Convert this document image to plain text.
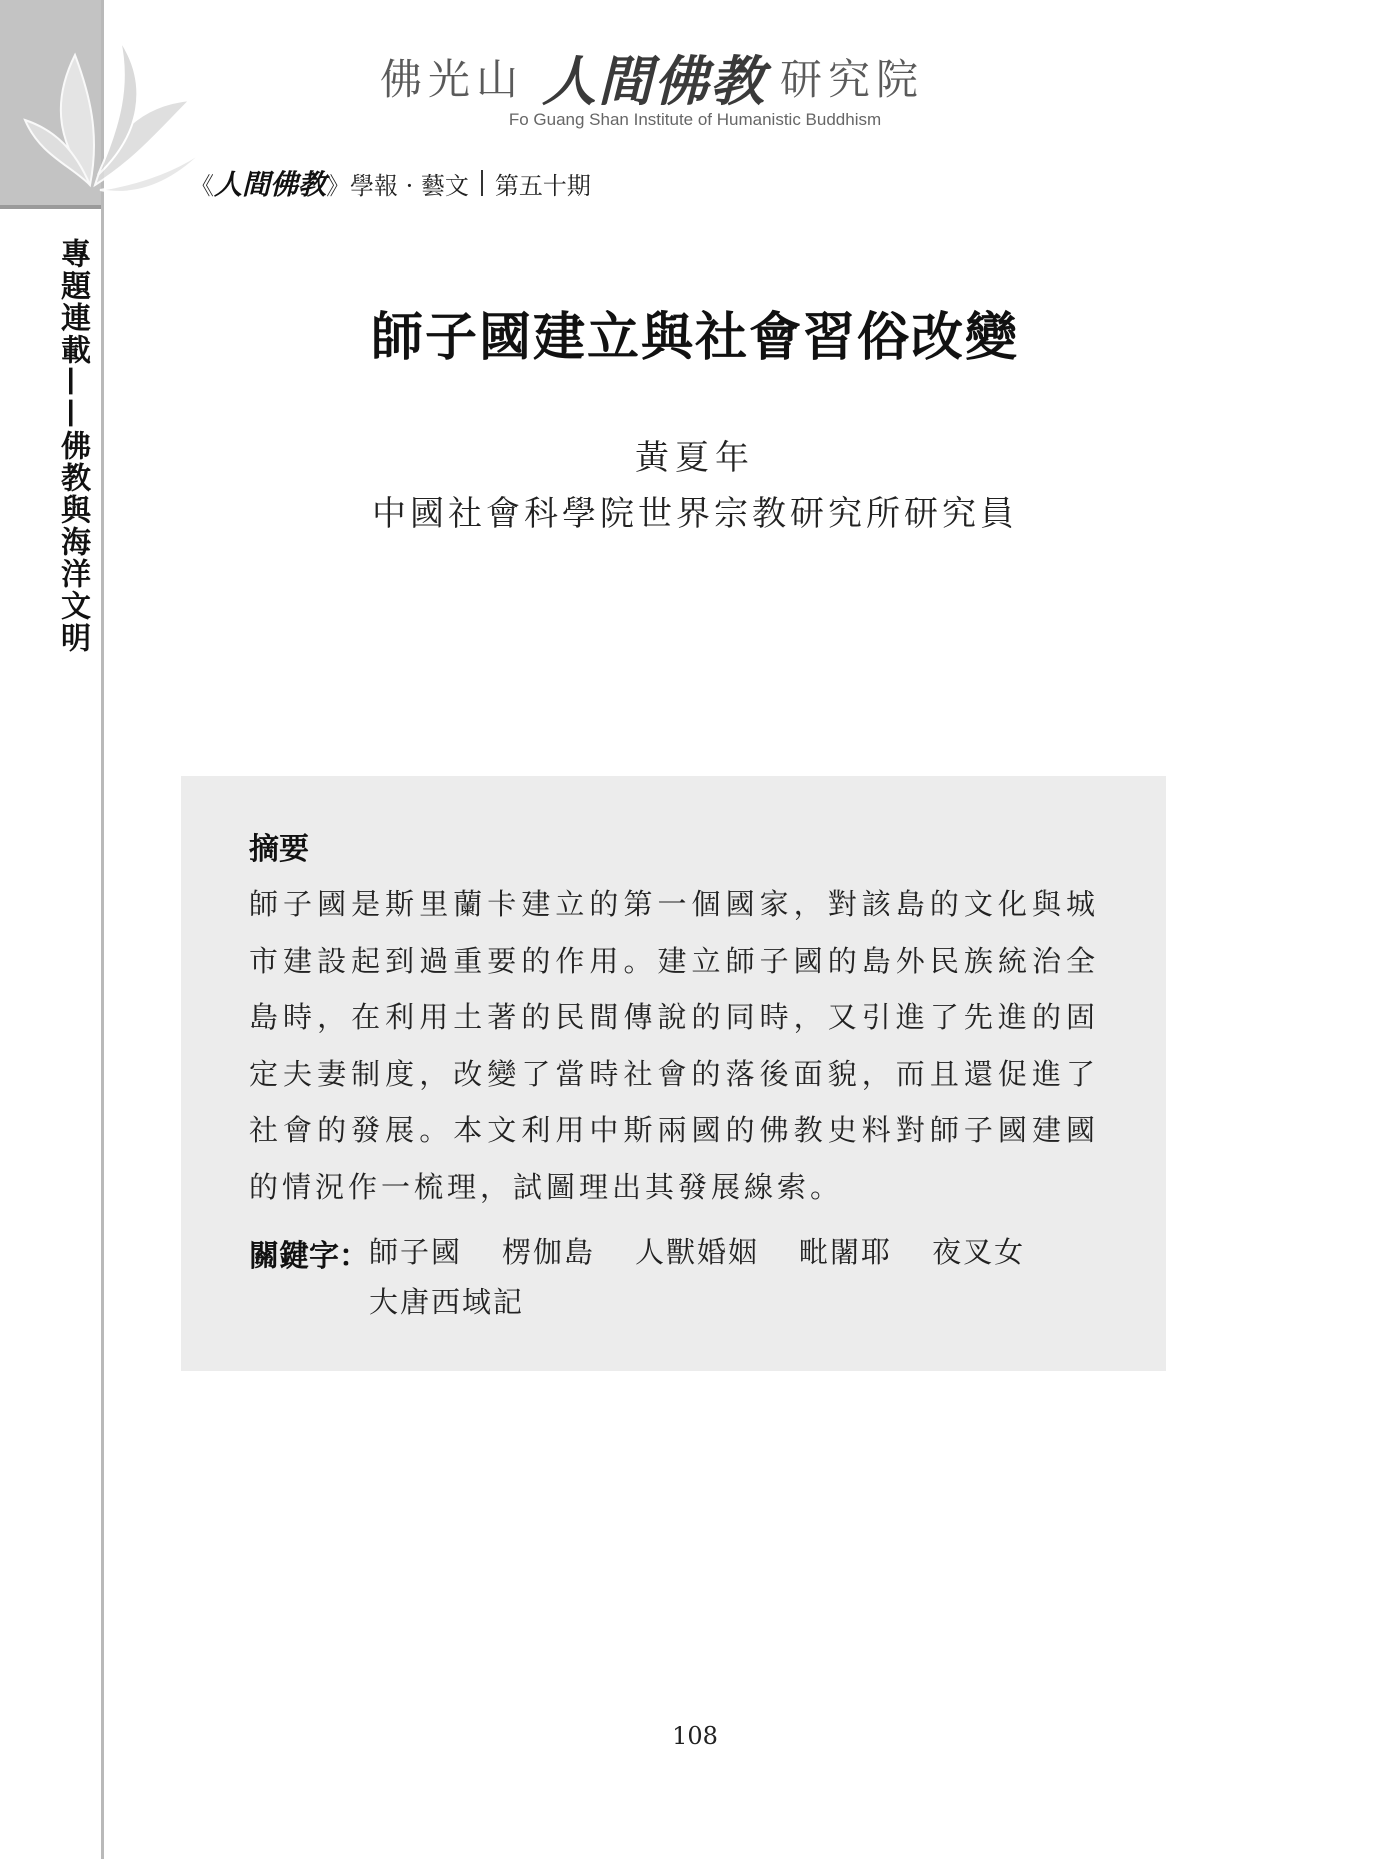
專題連載——佛教與海洋文明
佛光山 人間佛教 研究院
Fo Guang Shan Institute of Humanistic Buddhism
《 人間佛教 》學報 · 藝文 第五十期
師子國建立與社會習俗改變
黃夏年
中國社會科學院世界宗教研究所研究員
摘要
師子國是斯里蘭卡建立的第一個國家，對該島的文化與城市建設起到過重要的作用。建立師子國的島外民族統治全島時，在利用土著的民間傳說的同時，又引進了先進的固定夫妻制度，改變了當時社會的落後面貌，而且還促進了社會的發展。本文利用中斯兩國的佛教史料對師子國建國的情況作一梳理，試圖理出其發展線索。
關鍵字： 師子國 楞伽島 人獸婚姻 毗闍耶 夜叉女
大唐西域記
108
